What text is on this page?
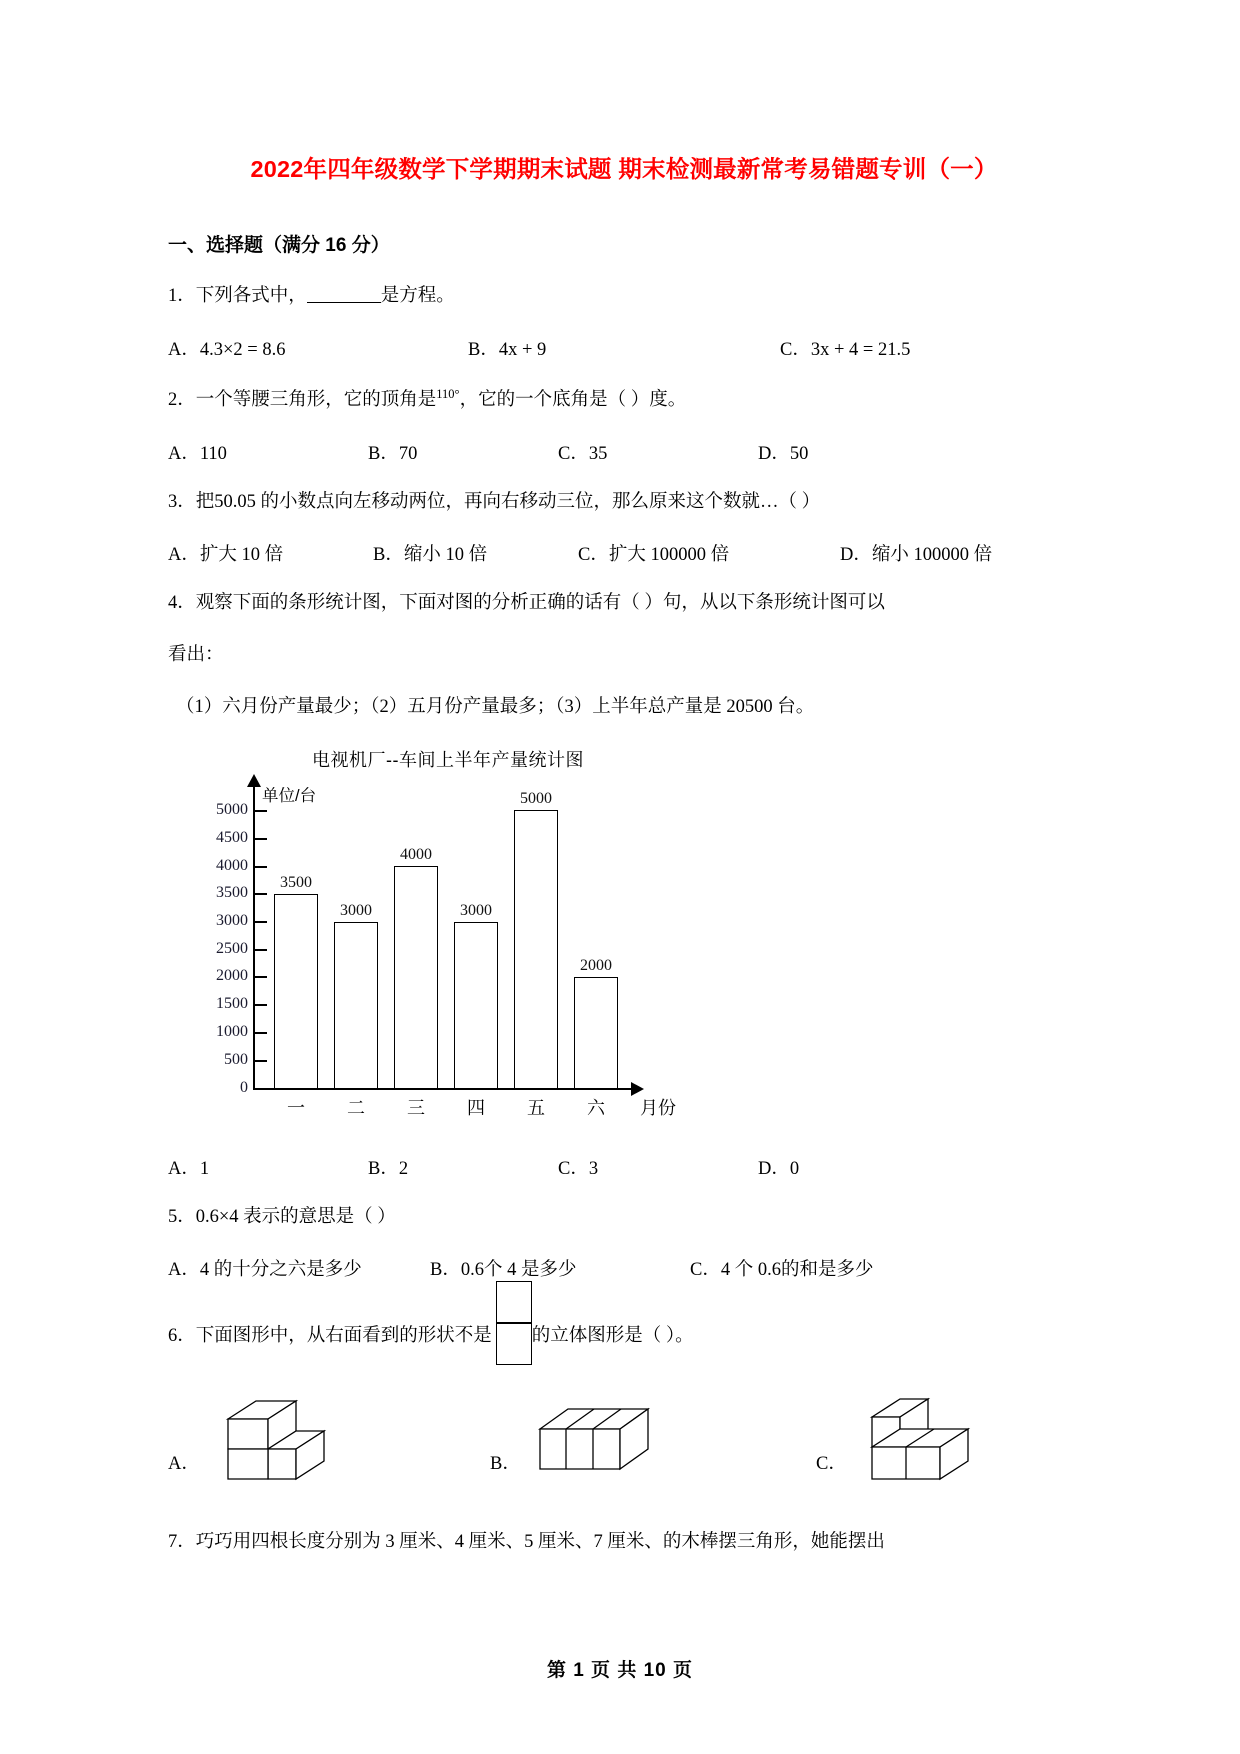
2022年四年级数学下学期期末试题 期末检测最新常考易错题专训（一）
一、选择题（满分 16 分）
1．下列各式中，	是方程。
A．4.3×2 = 8.6	B．4x + 9	C．3x + 4 = 21.5
2．一个等腰三角形，它的顶角是$^{110^\circ}$，它的一个底角是（ ）度。
A．110	B．70	C．35	D．50
3．把50.05 的小数点向左移动两位，再向右移动三位，那么原来这个数就…（ ）
A．扩大 10 倍	B．缩小 10 倍	C．扩大 100000 倍	D．缩小 100000 倍
4．观察下面的条形统计图，下面对图的分析正确的话有（ ）句，从以下条形统计图可以
看出：
（1）六月份产量最少；（2）五月份产量最多；（3）上半年总产量是 20500 台。
电视机厂--车间上半年产量统计图
单位/台
5000
4500
4000
3500
3000
2500
2000
1500
1000
500
0
3500
3000
4000
3000
5000
2000
一	二	三	四	五	六	月份
A．1	B．2	C．3	D．0
5．0.6×4 表示的意思是（ ）
A．4 的十分之六是多少	B．0.6个 4 是多少	C．4 个 0.6的和是多少
6．下面图形中，从右面看到的形状不是 的立体图形是（ ）。
A．	B．	C．
7．巧巧用四根长度分别为 3 厘米、4 厘米、5 厘米、7 厘米、的木棒摆三角形，她能摆出
第 1 页 共 10 页
